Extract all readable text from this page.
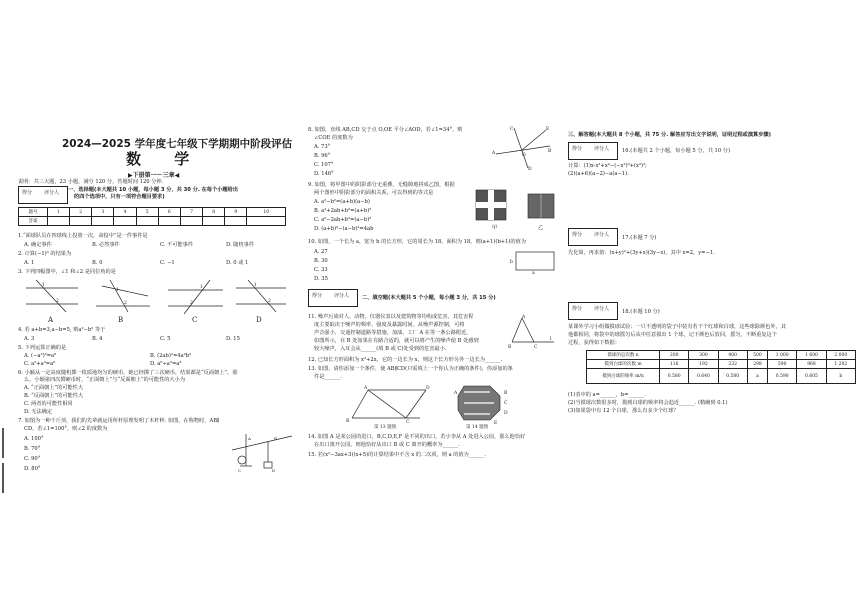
2024—2025 学年度七年级下学期期中阶段评估
数 学
▶下册第一～三章◀
说明：共三大题，23 小题，满分 120 分，答题时间 120 分钟.
得分 评分人 一、选择题(本大题共 10 小题，每小题 3 分，共 30 分. 在每个小题给出
的四个选项中，只有一项符合题目要求)
题号	1	2	3	4	5	6	7	8	9	10
答案										
1.“面球队员在四球线上投篮一次，命投中”是一件事件是
A. 确定事件	B. 必然事件	C. 不可能事件	D. 随机事件
2. 计算(−1)⁰ 的结果为
A. 1	B. 0	C. −1	D. 0 或 1
3. 下列四幅图中，∠1 和∠2 是同位角的是
1
2
1
2
1
2
1
2
A	B	C	D
4. 若 a+b=3,a−b=5, 则a²−b² 等于
A. 3	B. 4	C. 5	D. 15
5. 下列运算正确的是
A. (−a²)³=a⁶	B. (2ab)²=4a²b²
C. a²+a³=a⁵	D. a⁶÷a²=a³
6. 小颖从一定高度随机掷一枚质地均匀的硬币，她已经掷了三次硬币，结果都是“反面朝上”，那
么，小颖第四次掷硬币时，“正面朝上”与“反面朝上”的可能性的大小为
A. “正面朝上”的可能性大
B. “反面朝上”的可能性大
C. 两者的可能性相同
D. 无法确定
7. 如图为一种千斤顶，我们的先辈就运用所杆原理发明了木杆秤. 如图，在称物时，AB∥
CD，若∠1=100°，则∠2 的度数为
A. 100°
B. 70°
C. 90°
D. 80°
A	B
C	D
8. 如图，直线 AB,CD 交于点 O,OE 平分∠AOD，若∠1=34°，则
∠COE 的度数为
A. 73°
B. 96°
C. 107°
D. 146°
A	B
C
D
E
O
9. 如图，将甲图中的阴影部分无重叠，无缝隙地拼成乙图，根据
两个图形中阴影部分的面积关系，可以得到的等式是
A. a²−b²=(a+b)(a−b)
B. a²+2ab+b²=(a+b)²
C. a²−2ab+b²=(a−b)²
D. (a+b)²−(a−b)²=4ab	甲	乙
10. 如图，一个长为 a，宽为 b 的长方形，它的周长为 18，面积为 18，则(a+1)(b+1)的值为
A. 27
B. 30
C. 33
D. 35
a
b
得分 评分人 二、填空题(本大题共 5 个小题，每小题 3 分，共 15 分)
11. 噪声污染对人、动物、仪器仪表以及建筑物等均构成危害，其危害程
度主要取决于噪声的频率、强度及暴露时间。从噪声源控制，可将
声音强小，交通控制道路等措施，加油，工厂 A 在等一条公路附近，
如图所示，在 B 处如果在有路合适的，就可以将产生的噪声使 B 处感到
较大噪声，入耳会从______(填 B 或 C)处受到的危害最小.
A
B	C
l
12. 已知长方形面积为 x²+2x，它的一边长为 x，则这个长方形另外一边长为______.
13. 如图，请你添加一个条件，使 AB∥CD(只需填上一个你认为正确的条件)，你添加的条
件是______.
A	D
B	C
第 13 题图
B
C
D
A
E
第 14 题图
14. 如图 A 是某公园的进口，B,C,D,E,F 是不同的出口，若小李从 A 处进入公园，那么他恰好
在出口离开公园，则他恰好从出口 B 或 C 离开的概率为______.
15. 若(x²−3ax+3)(x+5)的计算结果中不含 x 的二次项，则 a 的值为______.
三、解答题(本大题共 8 个小题，共 75 分. 解答应写出文字说明，证明过程或演算步骤)
得分 评分人 16.(本题共 2 个小题，每小题 5 分，共 10 分)
计算：(1)x·x³+x⁴−(−x²)³+(x²)²;
(2)(a+6)(a−2)−a(a−1).
得分 评分人 17.(本题 7 分)
先化简，再求值：(x+y)²+(3y+x)(3y−x)，其中 x=2，y=−1.
得分 评分人 18.(本题 10 分)
某课外学习小组做摸球试验：一只不透明的袋子中装有若干个红球和白球，这些球除颜色外，其
他都相同，将袋中的球摇匀后从中任意摸出 1 个球，记下颜色后放回，摇匀，不断重复这个
过程，获得如下数据：
摸球的总次数 n	200	300	400	500	1 000	1 600	2 000
摸到白球的次数 m	116	192	232	298	590	968	1 202
摸到白球的频率 m/n	0.580	0.640	0.580	a	0.590	0.605	b
(1)表中的 a=______，b=______.
(2)当摸球次数很多时，摸到白球的频率将会趋近______. (精确到 0.1)
(3)如果袋中有 12 个白球，那么有多少个红球？
